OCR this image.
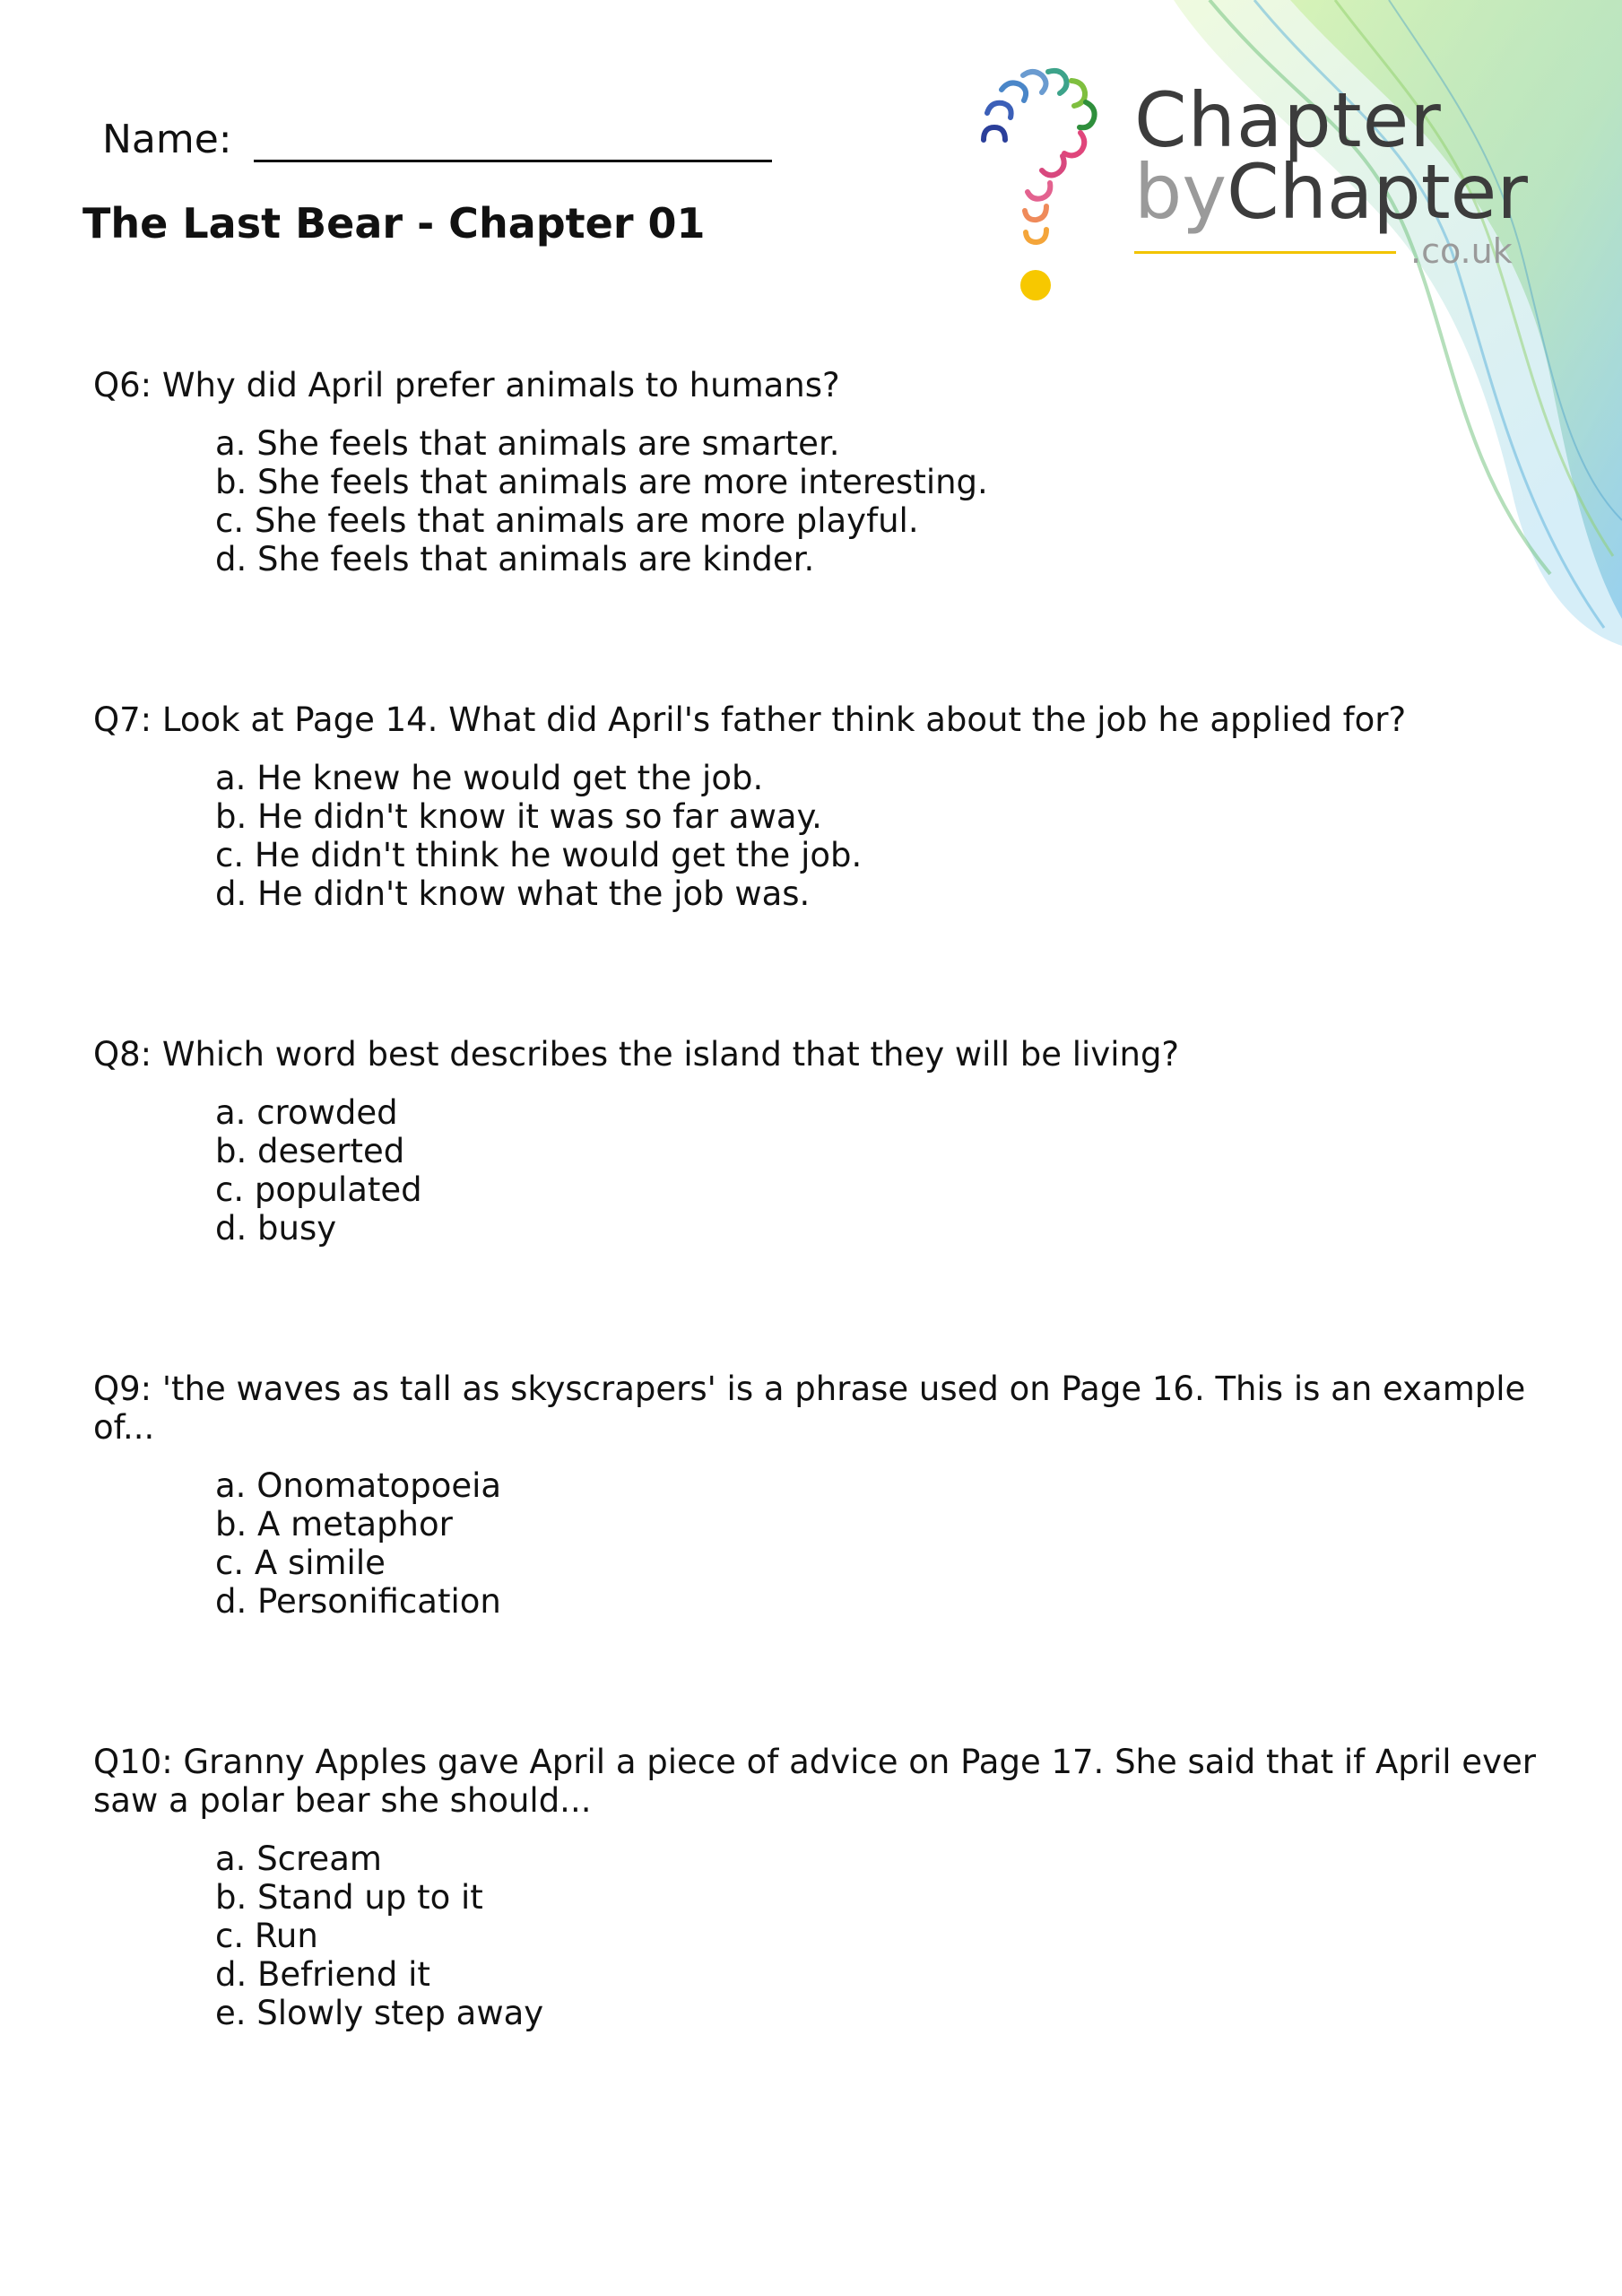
Name:
The Last Bear - Chapter 01
Chapter
byChapter
.co.uk

Q6: Why did April prefer animals to humans?

a. She feels that animals are smarter.
b. She feels that animals are more interesting.
c. She feels that animals are more playful.
d. She feels that animals are kinder.

Q7: Look at Page 14. What did April's father think about the job he applied for?

a. He knew he would get the job.
b. He didn't know it was so far away.
c. He didn't think he would get the job.
d. He didn't know what the job was.

Q8: Which word best describes the island that they will be living?

a. crowded
b. deserted
c. populated
d. busy

Q9: 'the waves as tall as skyscrapers' is a phrase used on Page 16. This is an example of...

a. Onomatopoeia
b. A metaphor
c. A simile
d. Personification

Q10: Granny Apples gave April a piece of advice on Page 17. She said that if April ever saw a polar bear she should...

a. Scream
b. Stand up to it
c. Run
d. Befriend it
e. Slowly step away
